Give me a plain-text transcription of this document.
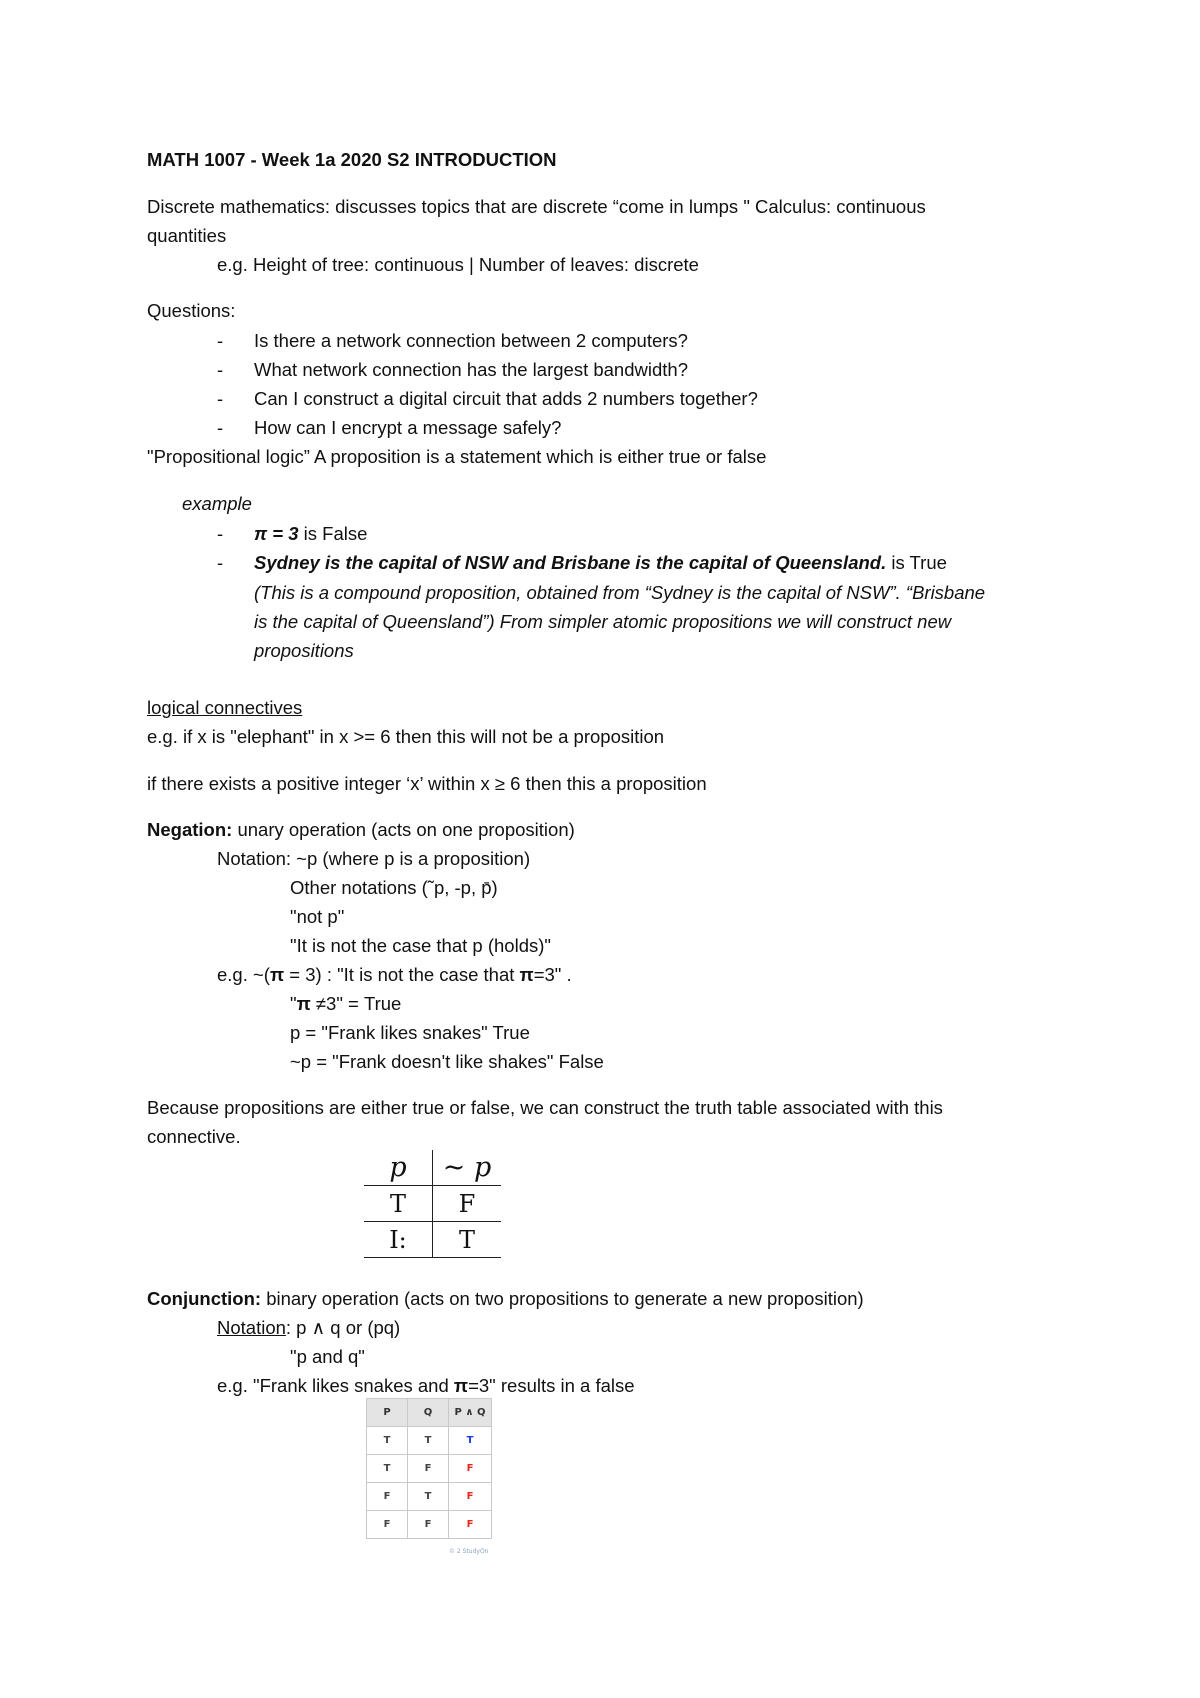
MATH 1007 - Week 1a 2020 S2 INTRODUCTION
Discrete mathematics: discusses topics that are discrete “come in lumps " Calculus: continuous
quantities
e.g. Height of tree: continuous | Number of leaves: discrete
Questions:
- Is there a network connection between 2 computers?
- What network connection has the largest bandwidth?
- Can I construct a digital circuit that adds 2 numbers together?
- How can I encrypt a message safely?
"Propositional logic” A proposition is a statement which is either true or false
example
- π = 3 is False
- Sydney is the capital of NSW and Brisbane is the capital of Queensland. is True
(This is a compound proposition, obtained from “Sydney is the capital of NSW”. “Brisbane
is the capital of Queensland”) From simpler atomic propositions we will construct new
propositions
logical connectives
e.g. if x is "elephant" in x >= 6 then this will not be a proposition
if there exists a positive integer ‘x’ within x ≥ 6 then this a proposition
Negation: unary operation (acts on one proposition)
Notation: ~p (where p is a proposition)
Other notations (˜p, -p, p̄)
"not p"
"It is not the case that p (holds)"
e.g. ~(π = 3) : "It is not the case that π=3" .
"π ≠3" = True
p = "Frank likes snakes" True
~p = "Frank doesn't like shakes" False
Because propositions are either true or false, we can construct the truth table associated with this
connective.
p	~ p
T	F
I:	T
Conjunction: binary operation (acts on two propositions to generate a new proposition)
Notation: p ∧ q or (pq)
"p and q"
e.g. "Frank likes snakes and π=3" results in a false
P	Q	P ∧ Q
T	T	T
T	F	F
F	T	F
F	F	F
© 2 StudyOn
